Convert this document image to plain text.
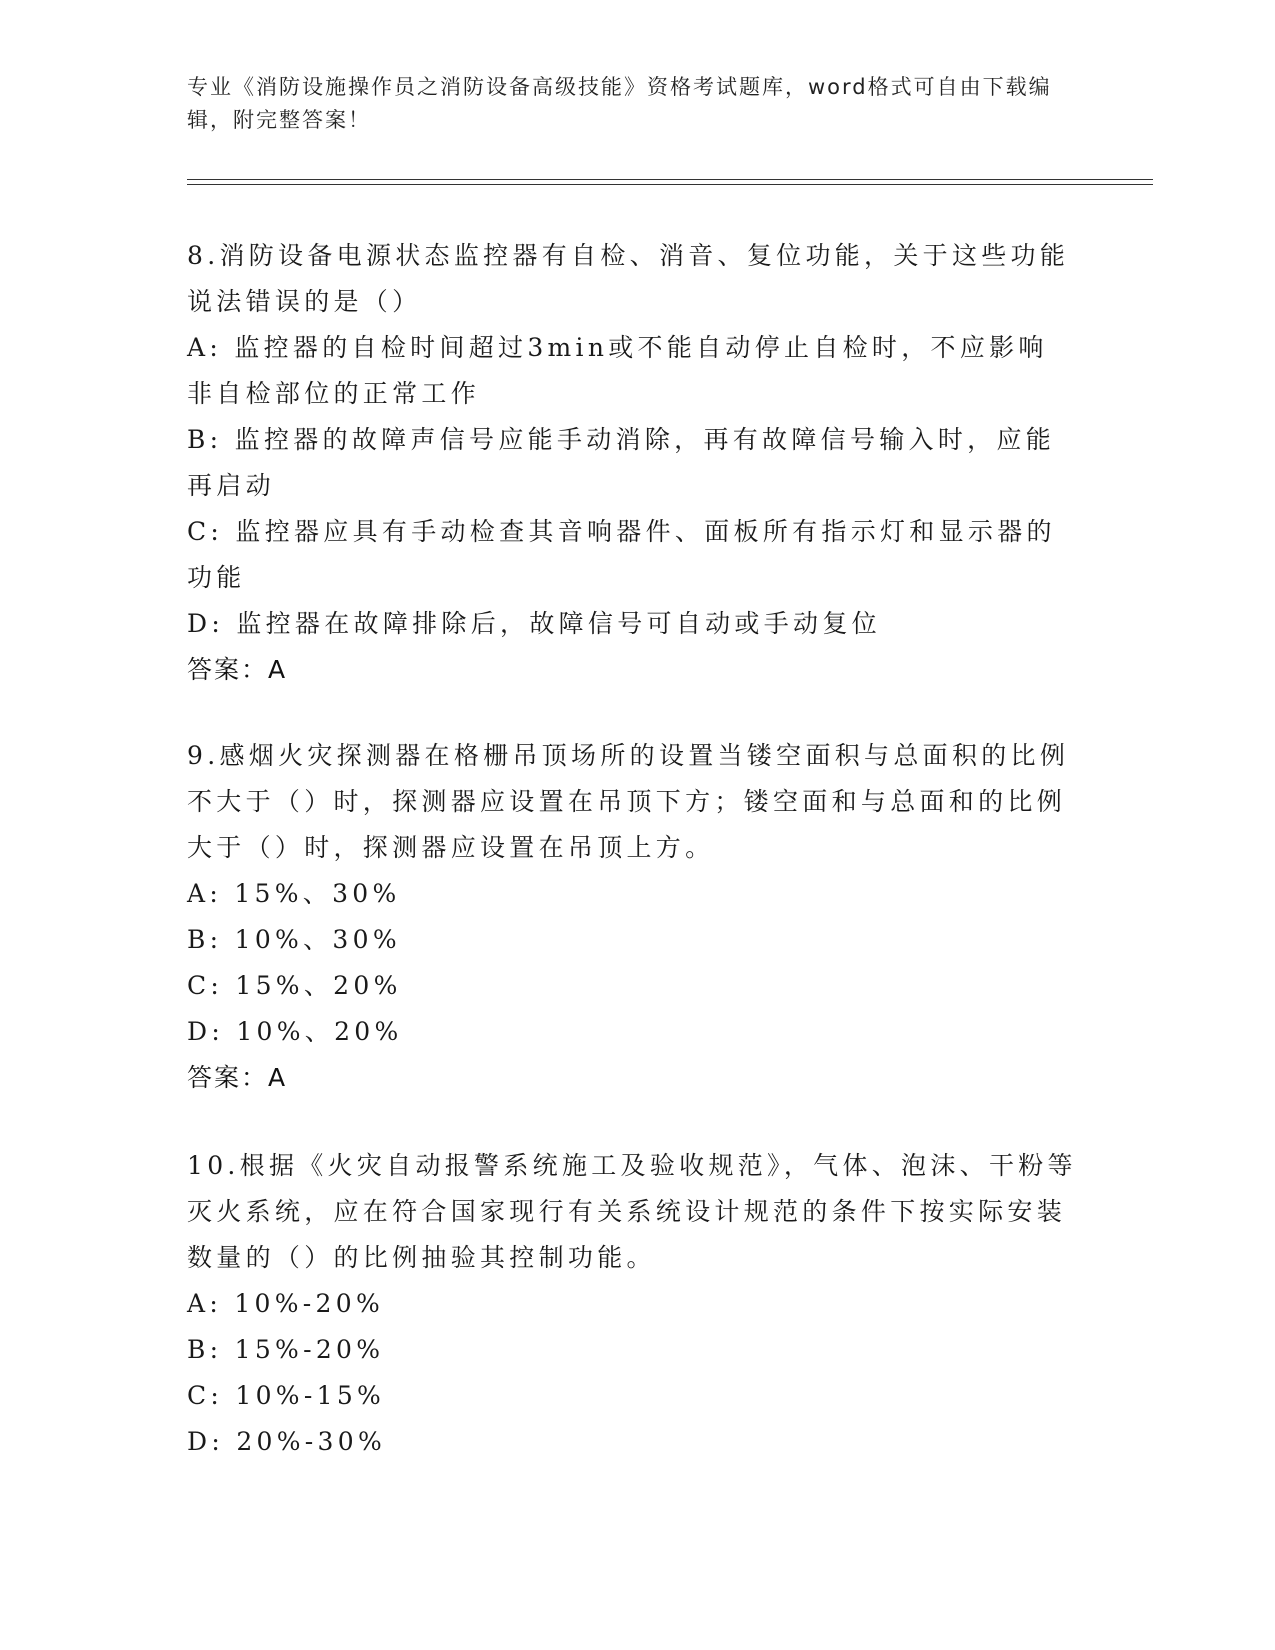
专业《消防设施操作员之消防设备高级技能》资格考试题库，word格式可自由下载编辑，附完整答案！

8.消防设备电源状态监控器有自检、消音、复位功能，关于这些功能说法错误的是（）

A: 监控器的自检时间超过3min或不能自动停止自检时，不应影响非自检部位的正常工作

B: 监控器的故障声信号应能手动消除，再有故障信号输入时，应能再启动

C: 监控器应具有手动检查其音响器件、面板所有指示灯和显示器的功能

D: 监控器在故障排除后，故障信号可自动或手动复位

答案：A

9.感烟火灾探测器在格栅吊顶场所的设置当镂空面积与总面积的比例不大于（）时，探测器应设置在吊顶下方；镂空面和与总面和的比例大于（）时，探测器应设置在吊顶上方。

A: 15%、30%

B: 10%、30%

C: 15%、20%

D: 10%、20%

答案：A

10.根据《火灾自动报警系统施工及验收规范》，气体、泡沫、干粉等灭火系统，应在符合国家现行有关系统设计规范的条件下按实际安装数量的（）的比例抽验其控制功能。

A: 10%-20%

B: 15%-20%

C: 10%-15%

D: 20%-30%
